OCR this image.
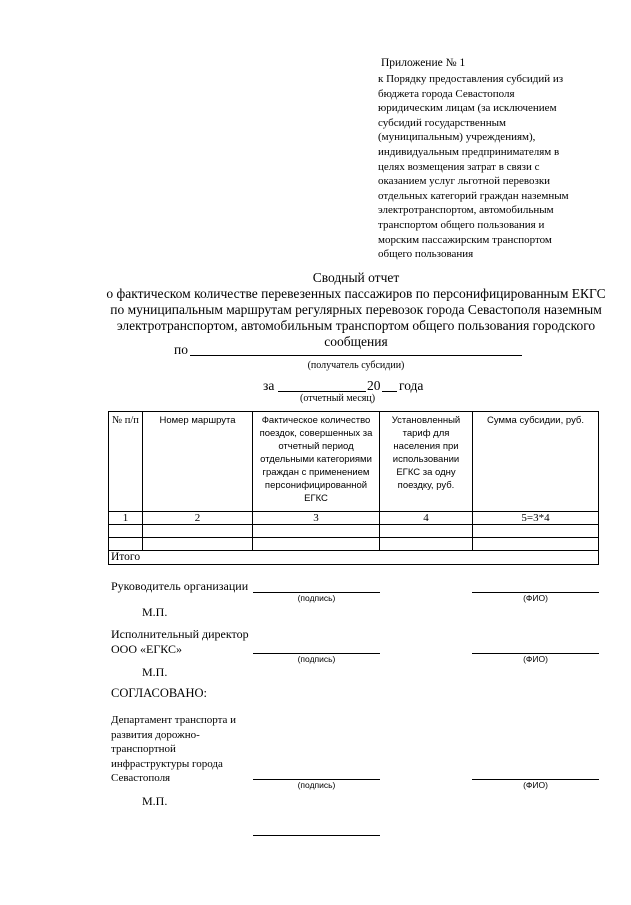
Приложение № 1
к Порядку предоставления субсидий из
бюджета города Севастополя
юридическим лицам (за исключением
субсидий государственным
(муниципальным) учреждениям),
индивидуальным предпринимателям в
целях возмещения затрат в связи с
оказанием услуг льготной перевозки
отдельных категорий граждан наземным
электротранспортом, автомобильным
транспортом общего пользования и
морским пассажирским транспортом
общего пользования
Сводный отчет
о фактическом количестве перевезенных пассажиров по персонифицированным ЕКГС
по муниципальным маршрутам регулярных перевозок города Севастополя наземным
электротранспортом, автомобильным транспортом общего пользования городского
сообщения
по
(получатель субсидии)
за	20 года
(отчетный месяц)
№ п/п	Номер маршрута	Фактическое количество поездок, совершенных за отчетный период отдельными категориями граждан с применением персонифицированной ЕГКС	Установленный тариф для населения при использовании ЕГКС за одну поездку, руб.	Сумма субсидии, руб.
1	2	3	4	5=3*4

Итого				
Руководитель организации
(подпись)	(ФИО)
М.П.
Исполнительный директор
ООО «ЕГКС»
(подпись)	(ФИО)
М.П.
СОГЛАСОВАНО:
Департамент транспорта и
развития дорожно-
транспортной
инфраструктуры города
Севастополя
(подпись)	(ФИО)
М.П.
